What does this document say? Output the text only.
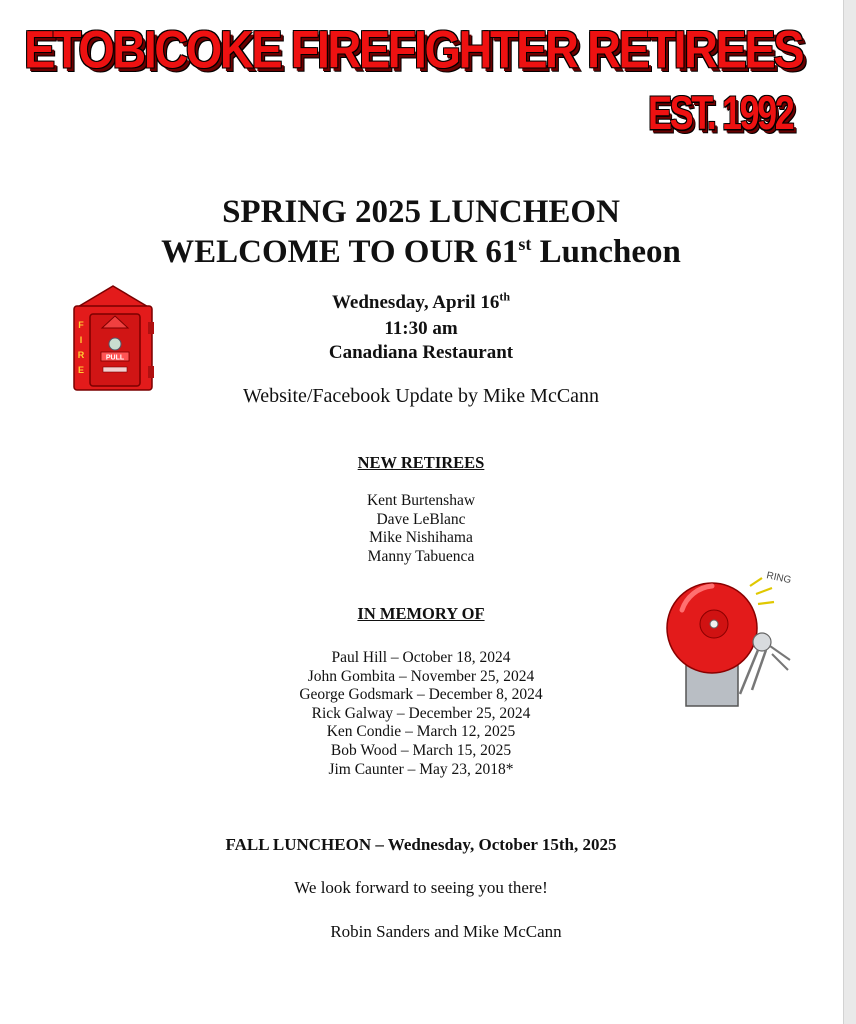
ETOBICOKE FIREFIGHTER RETIREES
EST. 1992
SPRING 2025 LUNCHEON
WELCOME TO OUR 61st Luncheon
Wednesday, April 16th
11:30 am
Canadiana Restaurant
Website/Facebook Update by Mike McCann
NEW RETIREES
Kent Burtenshaw
Dave LeBlanc
Mike Nishihama
Manny Tabuenca
IN MEMORY OF
Paul Hill – October 18, 2024
John Gombita – November 25, 2024
George Godsmark – December 8, 2024
Rick Galway – December 25, 2024
Ken Condie – March 12, 2025
Bob Wood – March 15, 2025
Jim Caunter – May 23, 2018*
FALL LUNCHEON – Wednesday, October 15th, 2025
We look forward to seeing you there!
Robin Sanders and Mike McCann
PULL
F
I
R
E
RING
